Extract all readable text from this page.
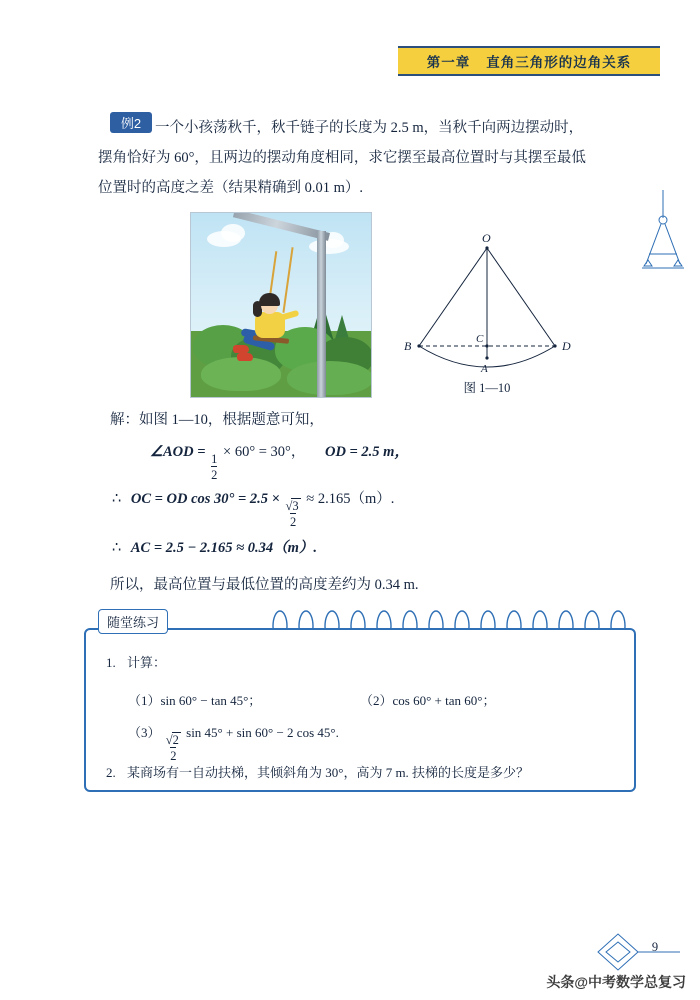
第一章 直角三角形的边角关系
例2 一个小孩荡秋千，秋千链子的长度为 2.5 m，当秋千向两边摆动时，
摆角恰好为 60°，且两边的摆动角度相同，求它摆至最高位置时与其摆至最低
位置时的高度之差（结果精确到 0.01 m）.
O
B	D
C
A
图 1—10
解：如图 1—10，根据题意可知，
∠AOD = $\frac{1}{2} \times 60^\circ = 30^\circ$， OD = 2.5 m，
∴ OC = OD $\cos 30^\circ = 2.5 \times \frac{√3}{2} \approx 2.165(m)$.
∴ AC = 2.5 − 2.165 ≈ 0.34（m）.
所以，最高位置与最低位置的高度差约为 0.34 m.
随堂练习
1. 计算：
（1）sin 60° − tan 45°；	（2）cos 60° + tan 60°；
$(3) \frac{√2}{2}$ sin 45° + sin 60° − 2 cos 45°.
2. 某商场有一自动扶梯，其倾斜角为 30°，高为 7 m. 扶梯的长度是多少？
9
头条@中考数学总复习
